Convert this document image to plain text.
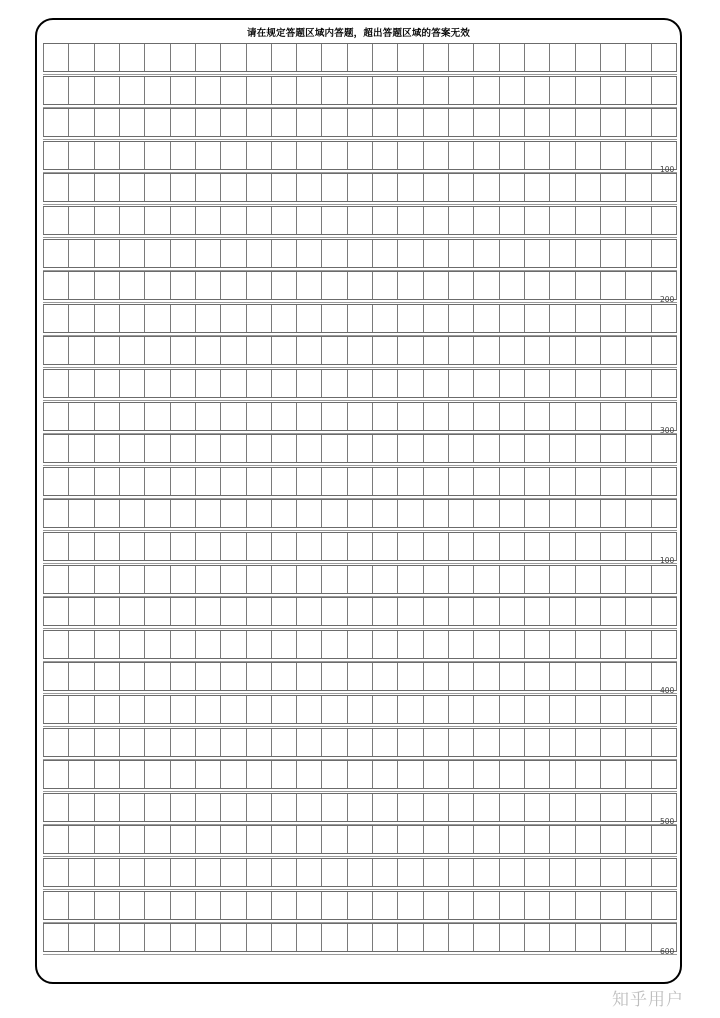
请在规定答题区域内答题，超出答题区域的答案无效
100
200
300
100
400
500
600
知乎用户
